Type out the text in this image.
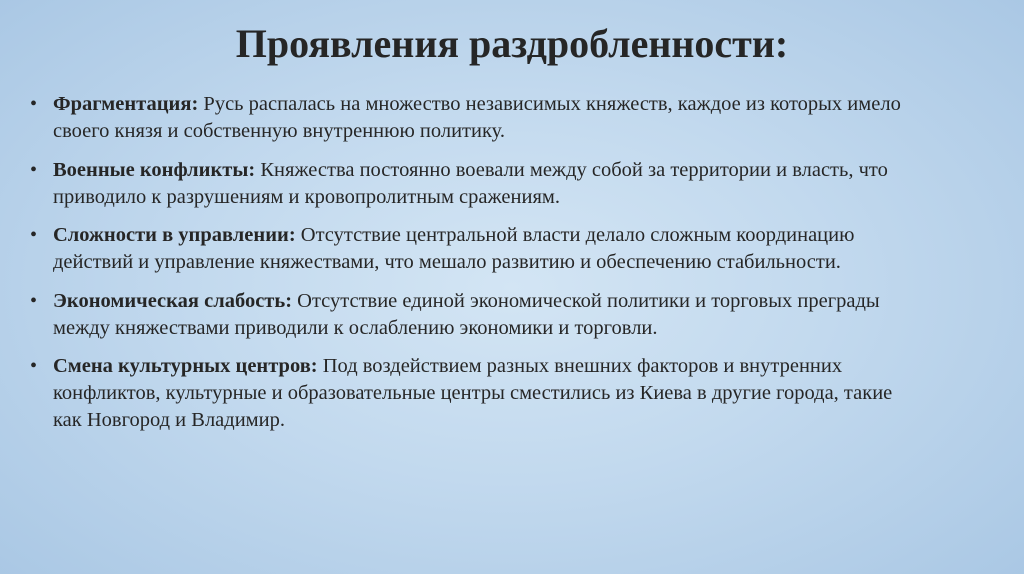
Проявления раздробленности:
• Фрагментация: Русь распалась на множество независимых княжеств, каждое из которых имело своего князя и собственную внутреннюю политику.
• Военные конфликты: Княжества постоянно воевали между собой за территории и власть, что приводило к разрушениям и кровопролитным сражениям.
• Сложности в управлении: Отсутствие центральной власти делало сложным координацию действий и управление княжествами, что мешало развитию и обеспечению стабильности.
• Экономическая слабость: Отсутствие единой экономической политики и торговых преграды между княжествами приводили к ослаблению экономики и торговли.
• Смена культурных центров: Под воздействием разных внешних факторов и внутренних конфликтов, культурные и образовательные центры сместились из Киева в другие города, такие как Новгород и Владимир.
